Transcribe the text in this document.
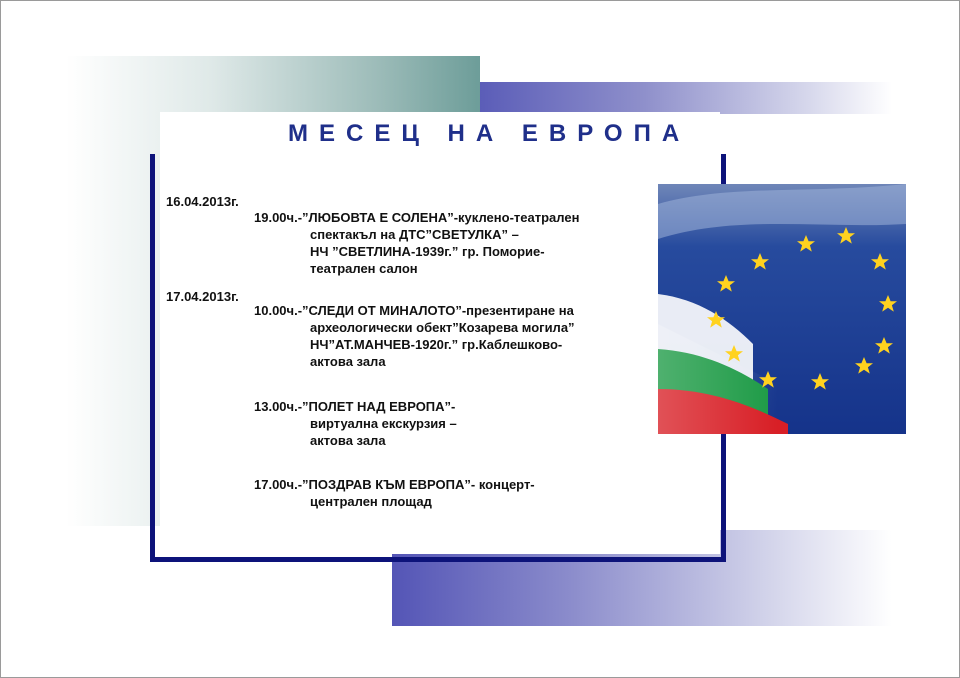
МЕСЕЦ НА ЕВРОПА
16.04.2013г.
19.00ч.-”ЛЮБОВТА Е СОЛЕНА”-куклено-театрален
спектакъл на ДТС”СВЕТУЛКА” –
НЧ ”СВЕТЛИНА-1939г.” гр. Поморие-
театрален салон
17.04.2013г.
10.00ч.-”СЛЕДИ ОТ МИНАЛОТО”-презентиране на
археологически обект”Козарева могила”
НЧ”АТ.МАНЧЕВ-1920г.” гр.Каблешково-
актова зала
13.00ч.-”ПОЛЕТ НАД ЕВРОПА”-
виртуална екскурзия –
актова зала
17.00ч.-”ПОЗДРАВ КЪМ ЕВРОПА”- концерт-
централен площад
